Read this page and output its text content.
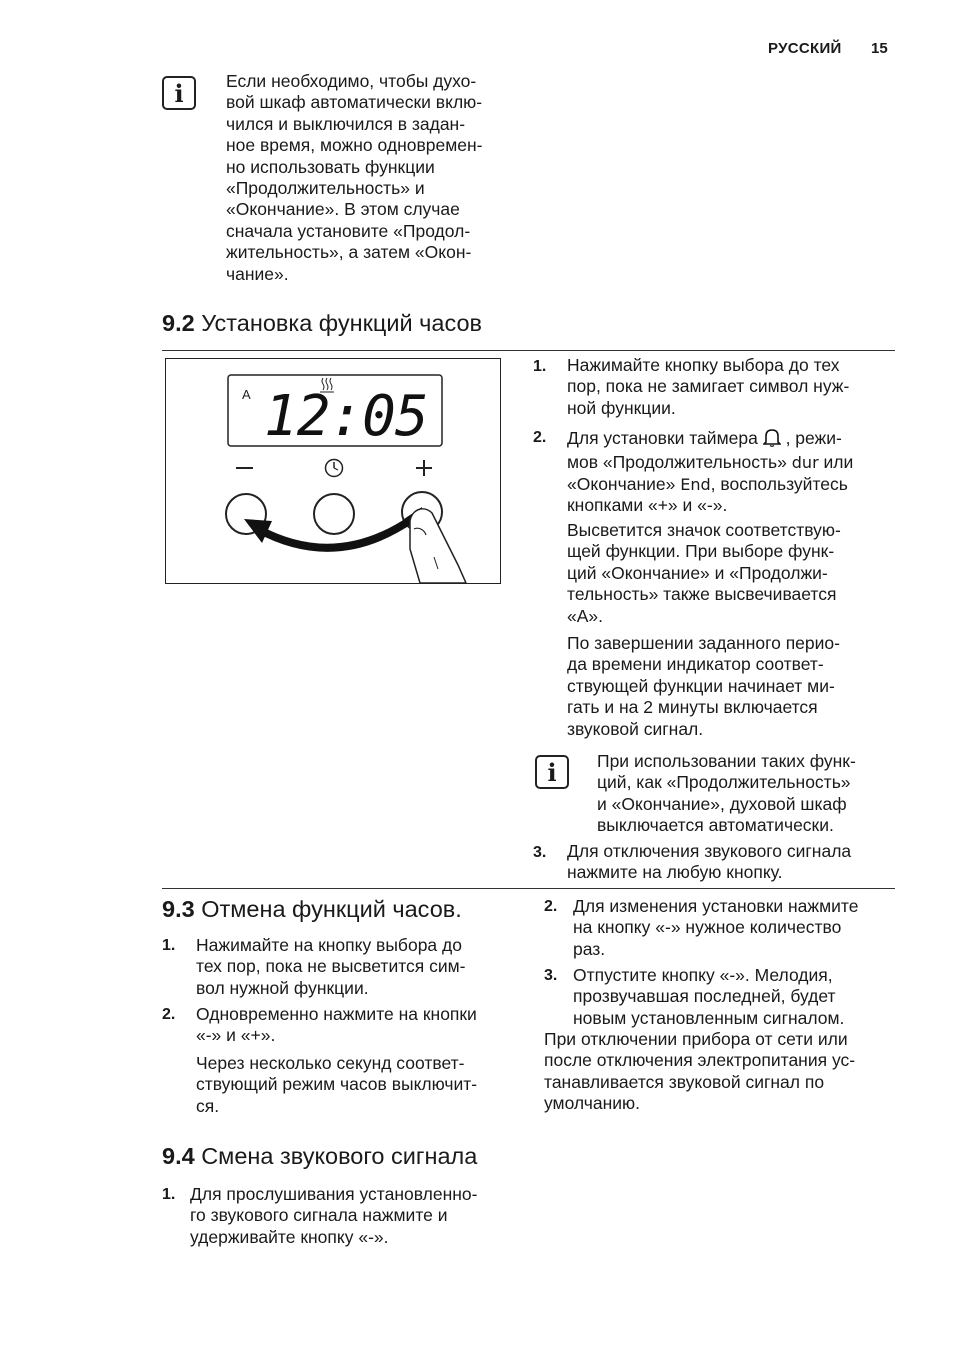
РУССКИЙ 15
i	Если необходимо, чтобы духо-
вой шкаф автоматически вклю-
чился и выключился в задан-
ное время, можно одновремен-
но использовать функции
«Продолжительность» и
«Окончание». В этом случае
сначала установите «Продол-
жительность», а затем «Окон-
чание».
9.2 Установка функций часов
A 12:05
1. Нажимайте кнопку выбора до тех
пор, пока не замигает символ нуж-
ной функции.
2. Для установки таймера , режи-
мов «Продолжительность» dur или
«Окончание» End, воспользуйтесь
кнопками «+» и «-».
Высветится значок соответствую-
щей функции. При выборе функ-
ций «Окончание» и «Продолжи-
тельность» также высвечивается
«A».
По завершении заданного перио-
да времени индикатор соответ-
ствующей функции начинает ми-
гать и на 2 минуты включается
звуковой сигнал.
i	При использовании таких функ-
ций, как «Продолжительность»
и «Окончание», духовой шкаф
выключается автоматически.
3. Для отключения звукового сигнала
нажмите на любую кнопку.
9.3 Отмена функций часов.
1. Нажимайте на кнопку выбора до
тех пор, пока не высветится сим-
вол нужной функции.
2. Одновременно нажмите на кнопки
«-» и «+».
Через несколько секунд соответ-
ствующий режим часов выключит-
ся.
9.4 Смена звукового сигнала
1. Для прослушивания установленно-
го звукового сигнала нажмите и
удерживайте кнопку «-».
2. Для изменения установки нажмите
на кнопку «-» нужное количество
раз.
3. Отпустите кнопку «-». Мелодия,
прозвучавшая последней, будет
новым установленным сигналом.
При отключении прибора от сети или
после отключения электропитания ус-
танавливается звуковой сигнал по
умолчанию.
